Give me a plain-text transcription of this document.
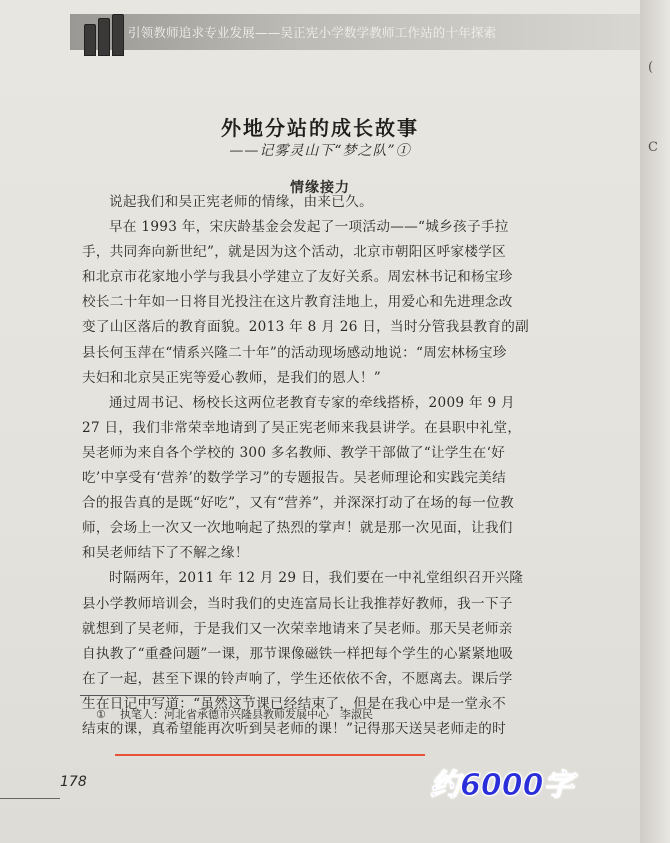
引领教师追求专业发展——吴正宪小学数学教师工作站的十年探索
外地分站的成长故事
——记雾灵山下“梦之队”①
情缘接力
说起我们和吴正宪老师的情缘，由来已久。
早在 1993 年，宋庆龄基金会发起了一项活动——“城乡孩子手拉
手，共同奔向新世纪”，就是因为这个活动，北京市朝阳区呼家楼学区
和北京市花家地小学与我县小学建立了友好关系。周宏林书记和杨宝珍
校长二十年如一日将目光投注在这片教育洼地上，用爱心和先进理念改
变了山区落后的教育面貌。2013 年 8 月 26 日，当时分管我县教育的副
县长何玉萍在“情系兴隆二十年”的活动现场感动地说：“周宏林杨宝珍
夫妇和北京吴正宪等爱心教师，是我们的恩人！”
通过周书记、杨校长这两位老教育专家的牵线搭桥，2009 年 9 月
27 日，我们非常荣幸地请到了吴正宪老师来我县讲学。在县职中礼堂，
吴老师为来自各个学校的 300 多名教师、教学干部做了“让学生在‘好
吃’中享受有‘营养’的数学学习”的专题报告。吴老师理论和实践完美结
合的报告真的是既“好吃”，又有“营养”，并深深打动了在场的每一位教
师，会场上一次又一次地响起了热烈的掌声！就是那一次见面，让我们
和吴老师结下了不解之缘！
时隔两年，2011 年 12 月 29 日，我们要在一中礼堂组织召开兴隆
县小学教师培训会，当时我们的史连富局长让我推荐好教师，我一下子
就想到了吴老师，于是我们又一次荣幸地请来了吴老师。那天吴老师亲
自执教了“重叠问题”一课，那节课像磁铁一样把每个学生的心紧紧地吸
在了一起，甚至下课的铃声响了，学生还依依不舍，不愿离去。课后学
生在日记中写道：“虽然这节课已经结束了，但是在我心中是一堂永不
结束的课，真希望能再次听到吴老师的课！”记得那天送吴老师走的时
① 执笔人：河北省承德市兴隆县教师发展中心　李淑民
178
(
C
约6000字
